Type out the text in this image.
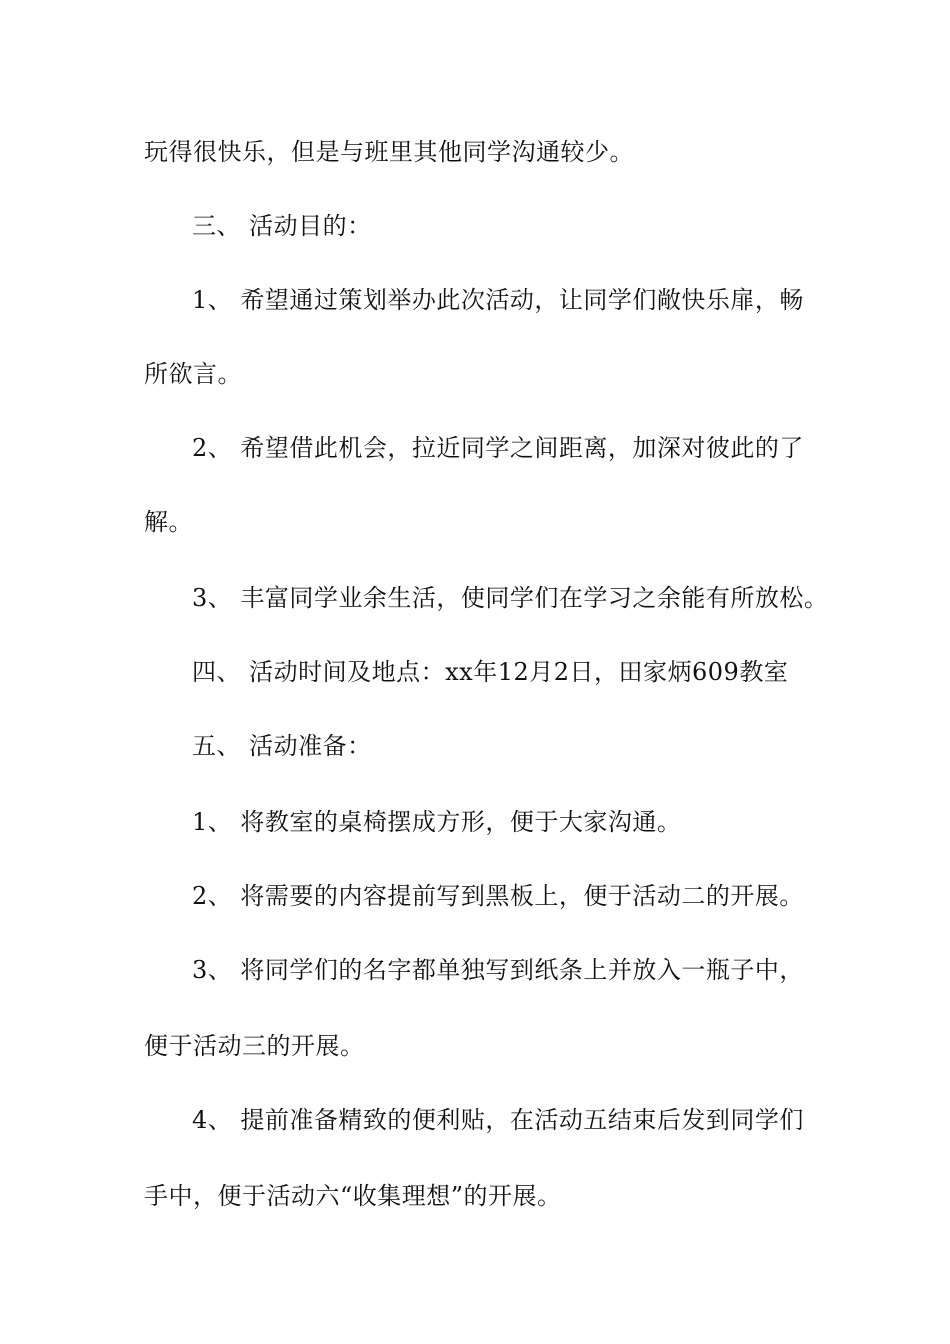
玩得很快乐，但是与班里其他同学沟通较少。
三、 活动目的：
1、 希望通过策划举办此次活动，让同学们敞快乐扉，畅
所欲言。
2、 希望借此机会，拉近同学之间距离，加深对彼此的了
解。
3、 丰富同学业余生活，使同学们在学习之余能有所放松。
四、 活动时间及地点：xx年12月2日，田家炳609教室
五、 活动准备：
1、 将教室的桌椅摆成方形，便于大家沟通。
2、 将需要的内容提前写到黑板上，便于活动二的开展。
3、 将同学们的名字都单独写到纸条上并放入一瓶子中，
便于活动三的开展。
4、 提前准备精致的便利贴，在活动五结束后发到同学们
手中，便于活动六“收集理想”的开展。
